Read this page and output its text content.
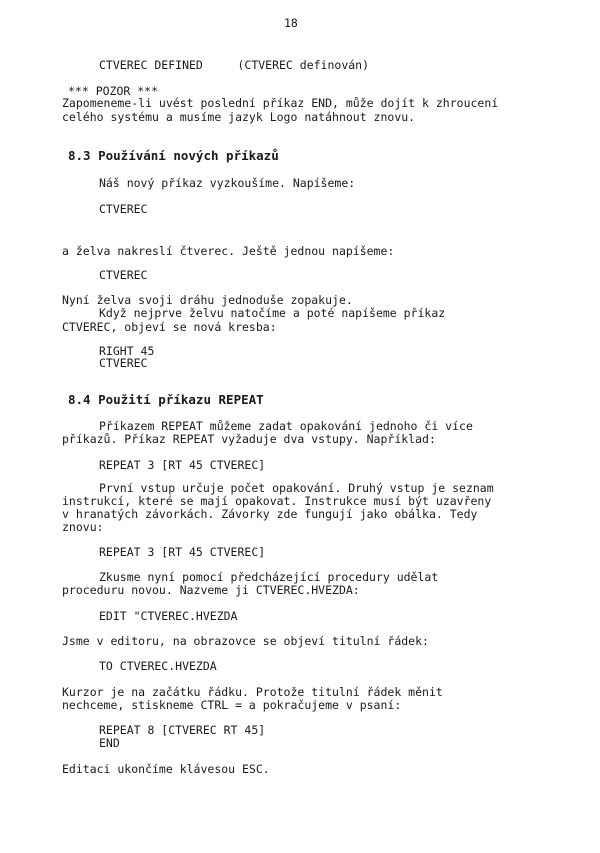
18
CTVEREC DEFINED     (CTVEREC definován)
*** POZOR ***
Zapomeneme-li uvést poslední příkaz END, může dojít k zhroucení
celého systému a musíme jazyk Logo natáhnout znovu.
8.3 Používání nových příkazů
Náš nový příkaz vyzkoušíme. Napíšeme:
CTVEREC
a želva nakreslí čtverec. Ještě jednou napíšeme:
CTVEREC
Nyní želva svoji dráhu jednoduše zopakuje.
Když nejprve želvu natočíme a poté napíšeme příkaz
CTVEREC, objeví se nová kresba:
RIGHT 45
CTVEREC
8.4 Použití příkazu REPEAT
Příkazem REPEAT můžeme zadat opakování jednoho či více
příkazů. Příkaz REPEAT vyžaduje dva vstupy. Například:
REPEAT 3 [RT 45 CTVEREC]
První vstup určuje počet opakování. Druhý vstup je seznam
instrukcí, které se mají opakovat. Instrukce musí být uzavřeny
v hranatých závorkách. Závorky zde fungují jako obálka. Tedy
znovu:
REPEAT 3 [RT 45 CTVEREC]
Zkusme nyní pomocí předcházející procedury udělat
proceduru novou. Nazveme ji CTVEREC.HVEZDA:
EDIT "CTVEREC.HVEZDA
Jsme v editoru, na obrazovce se objeví titulní řádek:
TO CTVEREC.HVEZDA
Kurzor je na začátku řádku. Protože titulní řádek měnit
nechceme, stiskneme CTRL = a pokračujeme v psaní:
REPEAT 8 [CTVEREC RT 45]
END
Editaci ukončíme klávesou ESC.
